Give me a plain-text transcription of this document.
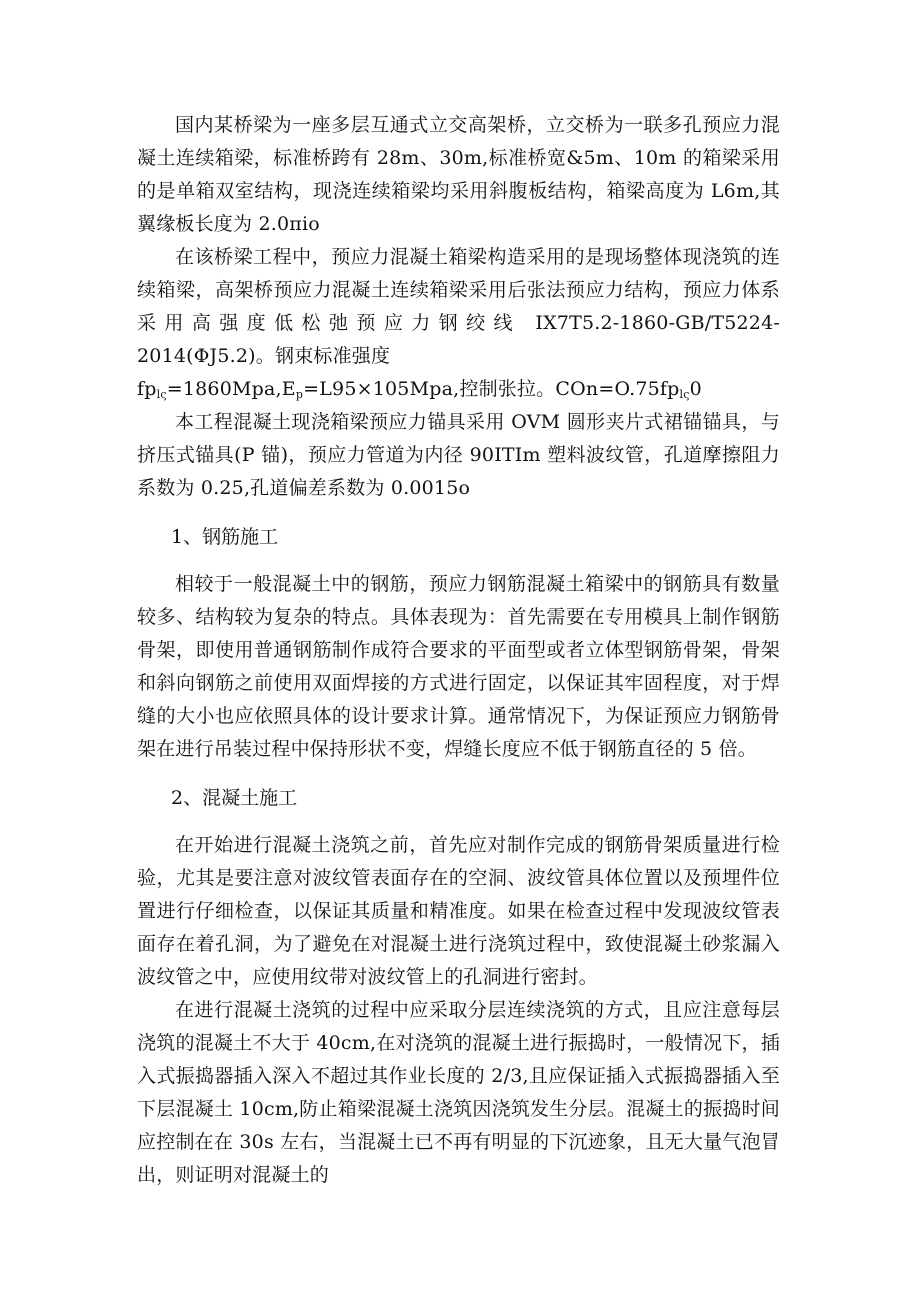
国内某桥梁为一座多层互通式立交高架桥，立交桥为一联多孔预应力混凝土连续箱梁，标准桥跨有 28m、30m,标准桥宽&5m、10m 的箱梁采用的是单箱双室结构，现浇连续箱梁均采用斜腹板结构，箱梁高度为 L6m,其翼缘板长度为 2.0πio

在该桥梁工程中，预应力混凝土箱梁构造采用的是现场整体现浇筑的连续箱梁，高架桥预应力混凝土连续箱梁采用后张法预应力结构，预应力体系采用高强度低松弛预应力钢绞线 IX7T5.2-1860-GB/T5224-2014(ΦJ5.2)。钢束标准强度
$fp_{l\varsigma}=1860Mpa,E_p=L95\times 105Mpa$,控制张拉。$COn=O.75fp_{l\varsigma}0$

本工程混凝土现浇箱梁预应力锚具采用 OVM 圆形夹片式裙锚锚具，与挤压式锚具(P 锚)，预应力管道为内径 90ITIm 塑料波纹管，孔道摩擦阻力系数为 0.25,孔道偏差系数为 0.0015o

1、钢筋施工

相较于一般混凝土中的钢筋，预应力钢筋混凝土箱梁中的钢筋具有数量较多、结构较为复杂的特点。具体表现为：首先需要在专用模具上制作钢筋骨架，即使用普通钢筋制作成符合要求的平面型或者立体型钢筋骨架，骨架和斜向钢筋之前使用双面焊接的方式进行固定，以保证其牢固程度，对于焊缝的大小也应依照具体的设计要求计算。通常情况下，为保证预应力钢筋骨架在进行吊装过程中保持形状不变，焊缝长度应不低于钢筋直径的 5 倍。

2、混凝土施工

在开始进行混凝土浇筑之前，首先应对制作完成的钢筋骨架质量进行检验，尤其是要注意对波纹管表面存在的空洞、波纹管具体位置以及预埋件位置进行仔细检查，以保证其质量和精准度。如果在检查过程中发现波纹管表面存在着孔洞，为了避免在对混凝土进行浇筑过程中，致使混凝土砂浆漏入波纹管之中，应使用纹带对波纹管上的孔洞进行密封。

在进行混凝土浇筑的过程中应采取分层连续浇筑的方式，且应注意每层浇筑的混凝土不大于 40cm,在对浇筑的混凝土进行振捣时，一般情况下，插入式振捣器插入深入不超过其作业长度的 2/3,且应保证插入式振捣器插入至下层混凝土 10cm,防止箱梁混凝土浇筑因浇筑发生分层。混凝土的振捣时间应控制在在 30s 左右，当混凝土已不再有明显的下沉迹象，且无大量气泡冒出，则证明对混凝土的
